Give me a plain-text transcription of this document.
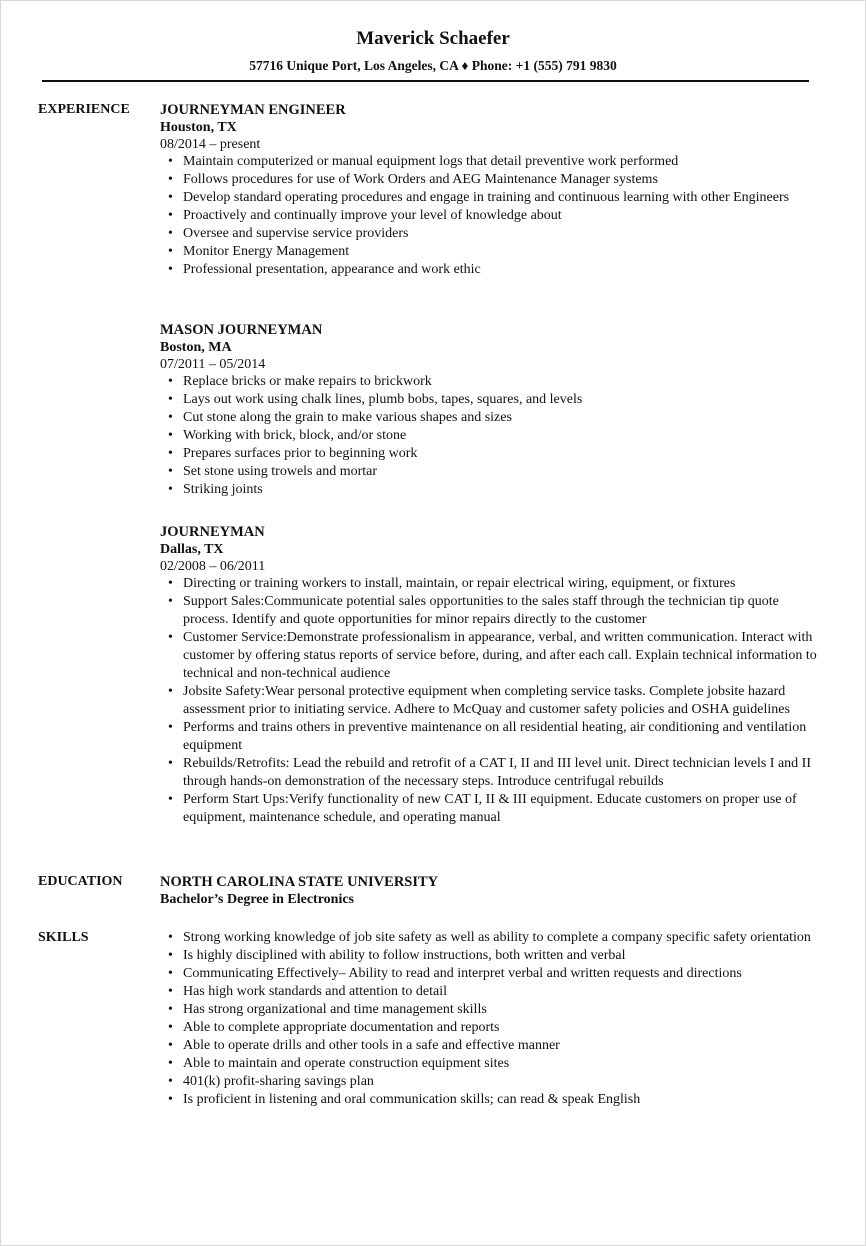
Maverick Schaefer
57716 Unique Port, Los Angeles, CA ♦ Phone: +1 (555) 791 9830
EXPERIENCE JOURNEYMAN ENGINEER
Houston, TX
08/2014 – present
• Maintain computerized or manual equipment logs that detail preventive work performed
• Follows procedures for use of Work Orders and AEG Maintenance Manager systems
• Develop standard operating procedures and engage in training and continuous learning with other Engineers
• Proactively and continually improve your level of knowledge about
• Oversee and supervise service providers
• Monitor Energy Management
• Professional presentation, appearance and work ethic
MASON JOURNEYMAN
Boston, MA
07/2011 – 05/2014
• Replace bricks or make repairs to brickwork
• Lays out work using chalk lines, plumb bobs, tapes, squares, and levels
• Cut stone along the grain to make various shapes and sizes
• Working with brick, block, and/or stone
• Prepares surfaces prior to beginning work
• Set stone using trowels and mortar
• Striking joints
JOURNEYMAN
Dallas, TX
02/2008 – 06/2011
• Directing or training workers to install, maintain, or repair electrical wiring, equipment, or fixtures
• Support Sales:Communicate potential sales opportunities to the sales staff through the technician tip quote process. Identify and quote opportunities for minor repairs directly to the customer
• Customer Service:Demonstrate professionalism in appearance, verbal, and written communication. Interact with customer by offering status reports of service before, during, and after each call. Explain technical information to technical and non-technical audience
• Jobsite Safety:Wear personal protective equipment when completing service tasks. Complete jobsite hazard assessment prior to initiating service. Adhere to McQuay and customer safety policies and OSHA guidelines
• Performs and trains others in preventive maintenance on all residential heating, air conditioning and ventilation equipment
• Rebuilds/Retrofits: Lead the rebuild and retrofit of a CAT I, II and III level unit. Direct technician levels I and II through hands-on demonstration of the necessary steps. Introduce centrifugal rebuilds
• Perform Start Ups:Verify functionality of new CAT I, II & III equipment. Educate customers on proper use of equipment, maintenance schedule, and operating manual
EDUCATION	NORTH CAROLINA STATE UNIVERSITY
Bachelor’s Degree in Electronics
SKILLS
•	Strong working knowledge of job site safety as well as ability to complete a company specific safety orientation
• Is highly disciplined with ability to follow instructions, both written and verbal
• Communicating Effectively– Ability to read and interpret verbal and written requests and directions
• Has high work standards and attention to detail
• Has strong organizational and time management skills
• Able to complete appropriate documentation and reports
• Able to operate drills and other tools in a safe and effective manner
• Able to maintain and operate construction equipment sites
• 401(k) profit-sharing savings plan
• Is proficient in listening and oral communication skills; can read & speak English
